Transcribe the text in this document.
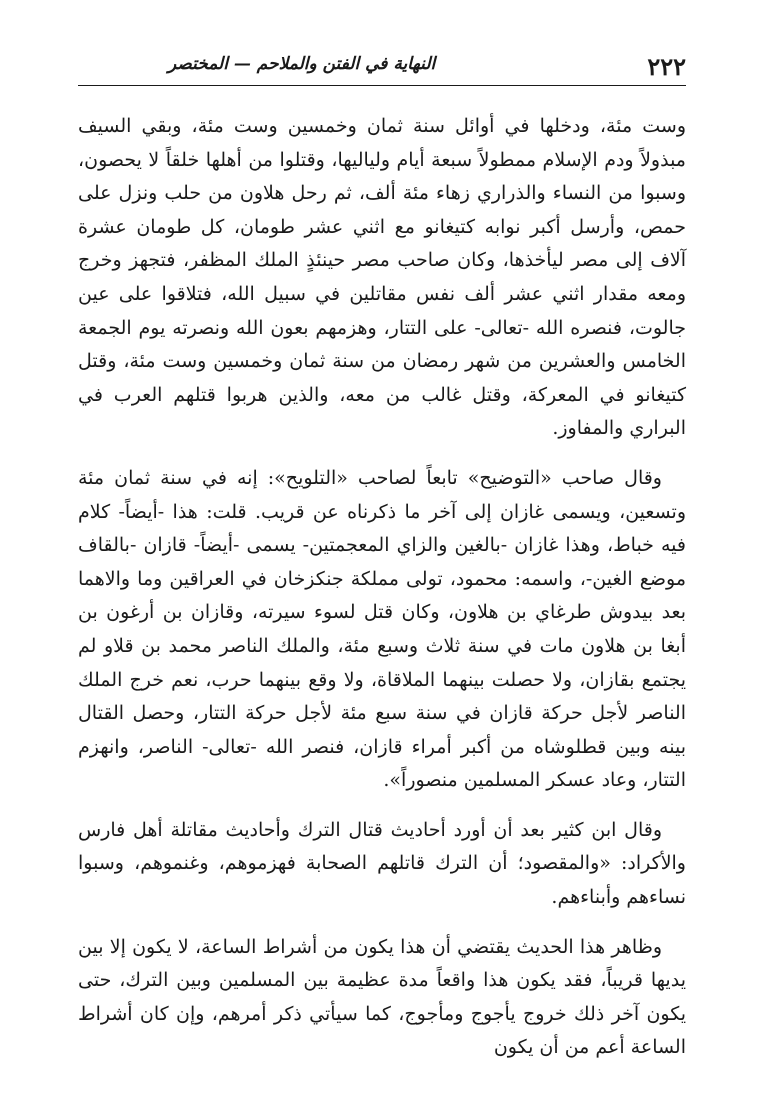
٢٢٢
النهاية في الفتن والملاحم — المختصر

وست مئة، ودخلها في أوائل سنة ثمان وخمسين وست مئة، وبقي السيف مبذولاً ودم الإسلام ممطولاً سبعة أيام ولياليها، وقتلوا من أهلها خلقاً لا يحصون، وسبوا من النساء والذراري زهاء مئة ألف، ثم رحل هلاون من حلب ونزل على حمص، وأرسل أكبر نوابه كتيغانو مع اثني عشر طومان، كل طومان عشرة آلاف إلى مصر ليأخذها، وكان صاحب مصر حينئذٍ الملك المظفر، فتجهز وخرج ومعه مقدار اثني عشر ألف نفس مقاتلين في سبيل الله، فتلاقوا على عين جالوت، فنصره الله -تعالى- على التتار، وهزمهم بعون الله ونصرته يوم الجمعة الخامس والعشرين من شهر رمضان من سنة ثمان وخمسين وست مئة، وقتل كتيغانو في المعركة، وقتل غالب من معه، والذين هربوا قتلهم العرب في البراري والمفاوز.

وقال صاحب «التوضيح» تابعاً لصاحب «التلويح»: إنه في سنة ثمان مئة وتسعين، ويسمى غازان إلى آخر ما ذكرناه عن قريب. قلت: هذا -أيضاً- كلام فيه خباط، وهذا غازان -بالغين والزاي المعجمتين- يسمى -أيضاً- قازان -بالقاف موضع الغين-، واسمه: محمود، تولى مملكة جنكزخان في العراقين وما والاهما بعد بيدوش طرغاي بن هلاون، وكان قتل لسوء سيرته، وقازان بن أرغون بن أبغا بن هلاون مات في سنة ثلاث وسبع مئة، والملك الناصر محمد بن قلاو لم يجتمع بقازان، ولا حصلت بينهما الملاقاة، ولا وقع بينهما حرب، نعم خرج الملك الناصر لأجل حركة قازان في سنة سبع مئة لأجل حركة التتار، وحصل القتال بينه وبين قطلوشاه من أكبر أمراء قازان، فنصر الله -تعالى- الناصر، وانهزم التتار، وعاد عسكر المسلمين منصوراً».

وقال ابن كثير بعد أن أورد أحاديث قتال الترك وأحاديث مقاتلة أهل فارس والأكراد: «والمقصود؛ أن الترك قاتلهم الصحابة فهزموهم، وغنموهم، وسبوا نساءهم وأبناءهم.

وظاهر هذا الحديث يقتضي أن هذا يكون من أشراط الساعة، لا يكون إلا بين يديها قريباً، فقد يكون هذا واقعاً مدة عظيمة بين المسلمين وبين الترك، حتى يكون آخر ذلك خروج يأجوج ومأجوج، كما سيأتي ذكر أمرهم، وإن كان أشراط الساعة أعم من أن يكون
